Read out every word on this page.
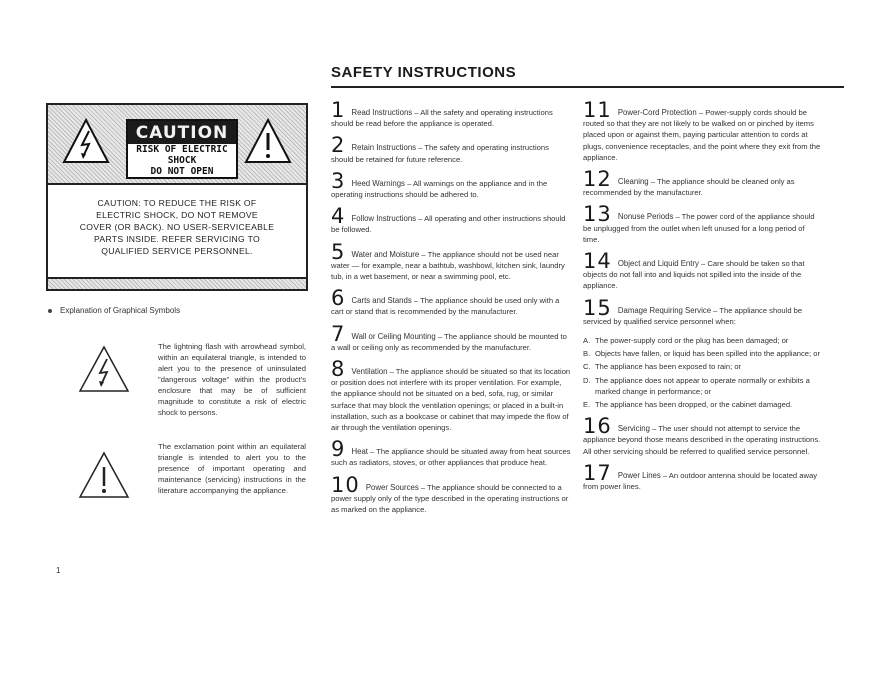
SAFETY INSTRUCTIONS
CAUTION
RISK OF ELECTRIC SHOCK
DO NOT OPEN
CAUTION: TO REDUCE THE RISK OF
ELECTRIC SHOCK, DO NOT REMOVE
COVER (OR BACK). NO USER-SERVICEABLE
PARTS INSIDE. REFER SERVICING TO
QUALIFIED SERVICE PERSONNEL.
Explanation of Graphical Symbols
The lightning flash with arrowhead symbol, within an equilateral triangle, is intended to alert you to the presence of uninsulated "dangerous voltage" within the product's enclosure that may be of sufficient magnitude to constitute a risk of electric shock to persons.
The exclamation point within an equilateral triangle is intended to alert you to the presence of important operating and maintenance (servicing) instructions in the literature accompanying the appliance.
1
1 Read Instructions – All the safety and operating instructions should be read before the appliance is operated.
2 Retain Instructions – The safety and operating instructions should be retained for future reference.
3 Heed Warnings – All warnings on the appliance and in the operating instructions should be adhered to.
4 Follow Instructions – All operating and other instructions should be followed.
5 Water and Moisture – The appliance should not be used near water — for example, near a bathtub, washbowl, kitchen sink, laundry tub, in a wet basement, or near a swimming pool, etc.
6 Carts and Stands – The appliance should be used only with a cart or stand that is recommended by the manufacturer.
7 Wall or Ceiling Mounting – The appliance should be mounted to a wall or ceiling only as recommended by the manufacturer.
8 Ventilation – The appliance should be situated so that its location or position does not interfere with its proper ventilation. For example, the appliance should not be situated on a bed, sofa, rug, or similar surface that may block the ventilation openings; or placed in a built-in installation, such as a bookcase or cabinet that may impede the flow of air through the ventilation openings.
9 Heat – The appliance should be situated away from heat sources such as radiators, stoves, or other appliances that produce heat.
10 Power Sources – The appliance should be connected to a power supply only of the type described in the operating instructions or as marked on the appliance.
11 Power-Cord Protection – Power-supply cords should be routed so that they are not likely to be walked on or pinched by items placed upon or against them, paying particular attention to cords at plugs, convenience receptacles, and the point where they exit from the appliance.
12 Cleaning – The appliance should be cleaned only as recommended by the manufacturer.
13 Nonuse Periods – The power cord of the appliance should be unplugged from the outlet when left unused for a long period of time.
14 Object and Liquid Entry – Care should be taken so that objects do not fall into and liquids not spilled into the inside of the appliance.
15 Damage Requiring Service – The appliance should be serviced by qualified service personnel when:
A. The power-supply cord or the plug has been damaged; or
B. Objects have fallen, or liquid has been spilled into the appliance; or
C. The appliance has been exposed to rain; or
D. The appliance does not appear to operate normally or exhibits a marked change in performance; or
E. The appliance has been dropped, or the cabinet damaged.
16 Servicing – The user should not attempt to service the appliance beyond those means described in the operating instructions. All other servicing should be referred to qualified service personnel.
17 Power Lines – An outdoor antenna should be located away from power lines.
